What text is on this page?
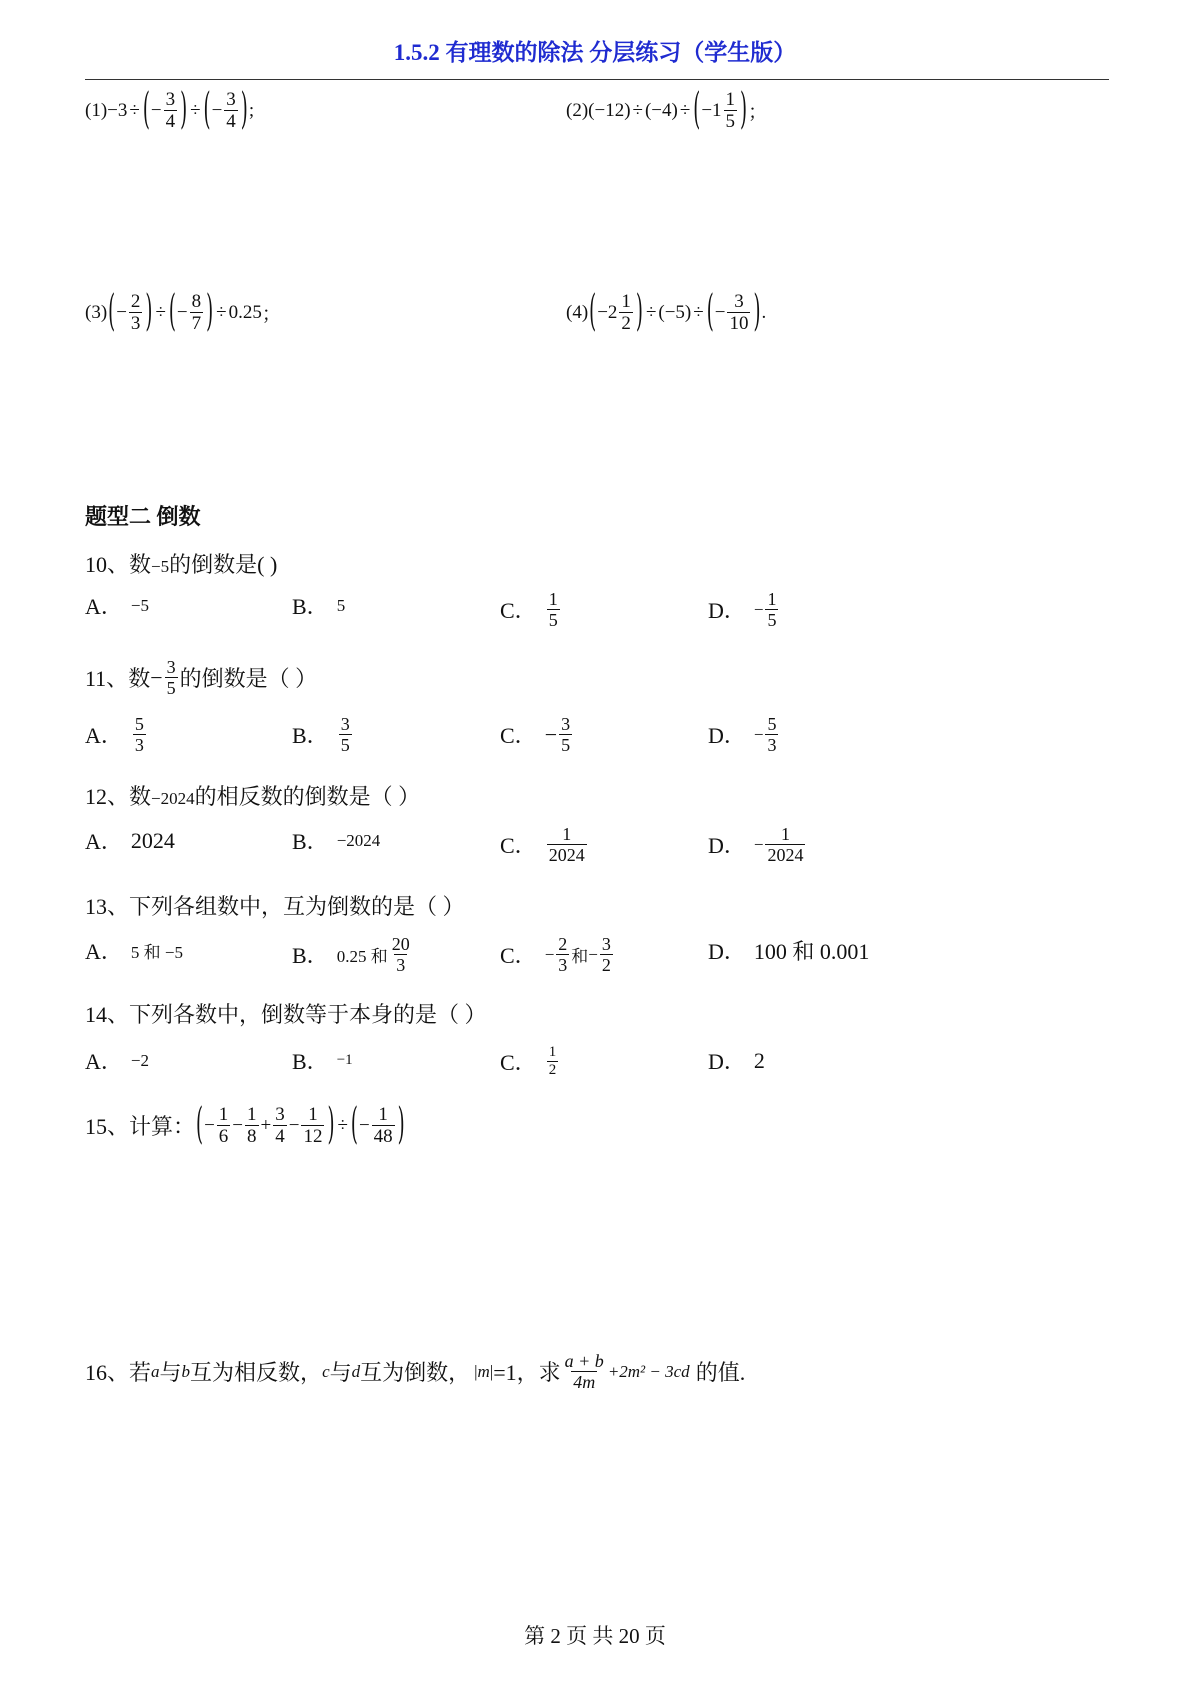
1.5.2 有理数的除法 分层练习（学生版）
(1) −3 ÷ ( − $\frac{3}{4}$ ) ÷ ( − $\frac{3}{4}$ ) ;	(2) (−12) ÷ (−4) ÷ ( $-1 \frac{1}{5}$ ) ；
(3) ( − $\frac{2}{3}$ ) ÷ ( − $\frac{8}{7}$ ) ÷ 0.25 ；	(4) ( $-2 \frac{1}{2}$ ) ÷ (−5) ÷ ( − $\frac{3}{10}$ ) .
题型二 倒数
10、数−5的倒数是( )
A． −5	B． 5	C． $\frac{1}{5}$	D． − $\frac{1}{5}$
11、 数 − $\frac{3}{5}$ 的倒数是（ ）
A． $\frac{5}{3}$	B． $\frac{3}{5}$	C． − $\frac{3}{5}$	D． − $\frac{5}{3}$
12、数−2024的相反数的倒数是（ ）
A． 2024	B． −2024	C． $\frac{1}{2024}$	D． − $\frac{1}{2024}$
13、下列各组数中，互为倒数的是（ ）
A． 5 和 −5	B． 0.25 和 $\frac{20}{3}$	C． − $\frac{2}{3}$ 和 − $\frac{3}{2}$	D． 100 和 0.001
14、下列各数中，倒数等于本身的是（ ）
A． −2	B． −1	C． $\frac{1}{2}$	D． 2
15、 计算： ( − $\frac{1}{6} - \frac{1}{8} + \frac{3}{4} - \frac{1}{12}$ ) ÷ ( − $\frac{1}{48}$ )
16、 若 a 与 b 互为相反数， c 与 d 互为倒数， |m| =1，求 $\frac{a + b}{4m} +2m^2 - 3cd$ 的值.
第 2 页 共 20 页
